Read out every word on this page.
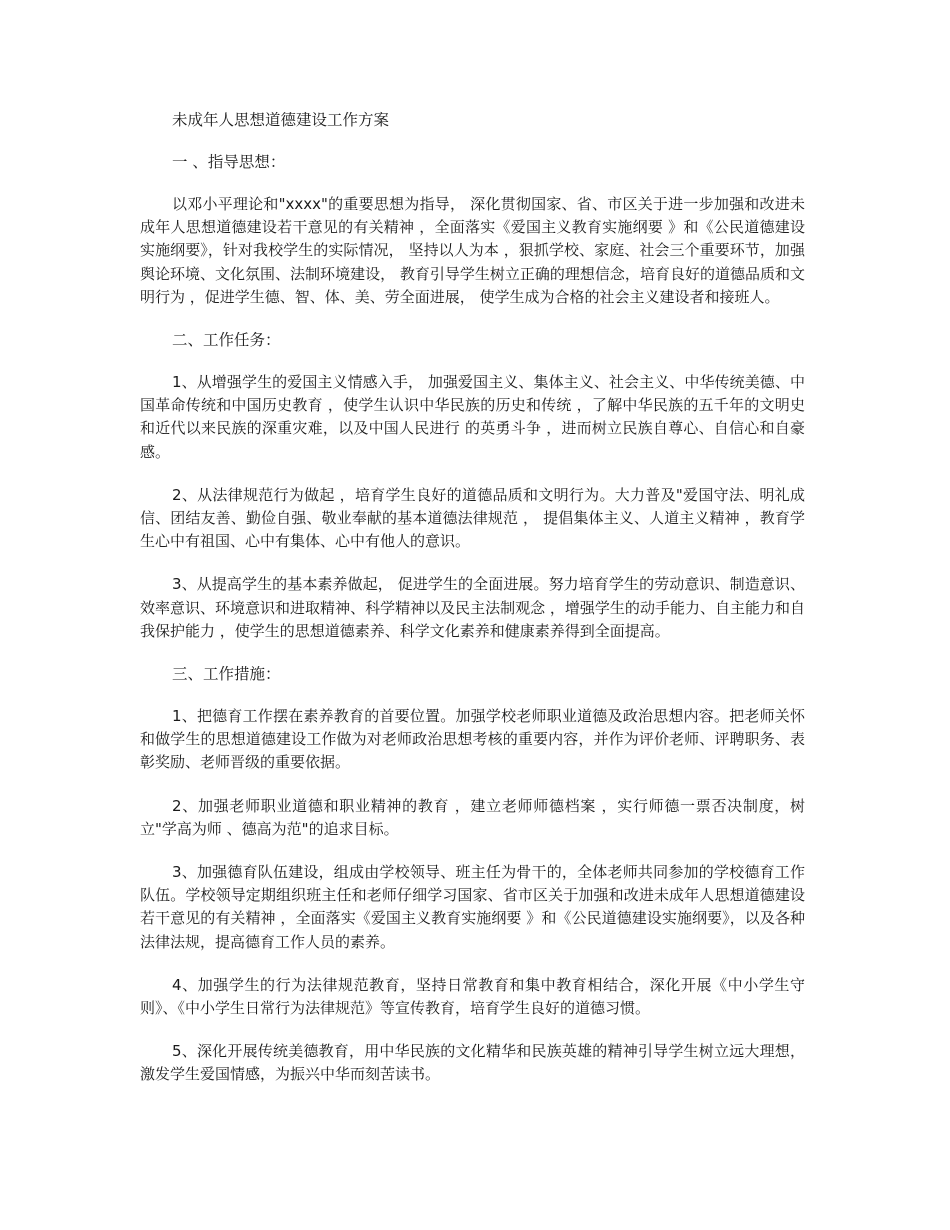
未成年人思想道德建设工作方案
一 、指导思想：

以邓小平理论和"xxxx"的重要思想为指导， 深化贯彻国家、省、市区关于进一步加强和改进未成年人思想道德建设若干意见的有关精神 ，全面落实《爱国主义教育实施纲要 》和《公民道德建设实施纲要》，针对我校学生的实际情况， 坚持以人为本 ，狠抓学校、家庭、社会三个重要环节，加强舆论环境、文化氛围、法制环境建设， 教育引导学生树立正确的理想信念，培育良好的道德品质和文明行为 ，促进学生德、智、体、美、劳全面进展， 使学生成为合格的社会主义建设者和接班人。

二、工作任务：

1、从增强学生的爱国主义情感入手， 加强爱国主义、集体主义、社会主义、中华传统美德、中国革命传统和中国历史教育 ，使学生认识中华民族的历史和传统 ，了解中华民族的五千年的文明史和近代以来民族的深重灾难，以及中国人民进行 的英勇斗争 ，进而树立民族自尊心、自信心和自豪感。

2、从法律规范行为做起 ，培育学生良好的道德品质和文明行为。大力普及"爱国守法、明礼成信、团结友善、勤俭自强、敬业奉献的基本道德法律规范 ， 提倡集体主义、人道主义精神 ，教育学生心中有祖国、心中有集体、心中有他人的意识。

3、从提高学生的基本素养做起， 促进学生的全面进展。努力培育学生的劳动意识、制造意识、效率意识、环境意识和进取精神、科学精神以及民主法制观念 ，增强学生的动手能力、自主能力和自我保护能力 ，使学生的思想道德素养、科学文化素养和健康素养得到全面提高。

三、工作措施：

1、把德育工作摆在素养教育的首要位置。加强学校老师职业道德及政治思想内容。把老师关怀和做学生的思想道德建设工作做为对老师政治思想考核的重要内容，并作为评价老师、评聘职务、表彰奖励、老师晋级的重要依据。

2、加强老师职业道德和职业精神的教育 ，建立老师师德档案 ，实行师德一票否决制度，树立"学高为师 、德高为范"的追求目标。

3、加强德育队伍建设，组成由学校领导、班主任为骨干的，全体老师共同参加的学校德育工作队伍。学校领导定期组织班主任和老师仔细学习国家、省市区关于加强和改进未成年人思想道德建设若干意见的有关精神 ，全面落实《爱国主义教育实施纲要 》和《公民道德建设实施纲要》，以及各种法律法规，提高德育工作人员的素养。

4、加强学生的行为法律规范教育，坚持日常教育和集中教育相结合，深化开展《中小学生守则》、《中小学生日常行为法律规范》等宣传教育，培育学生良好的道德习惯。

5、深化开展传统美德教育，用中华民族的文化精华和民族英雄的精神引导学生树立远大理想，激发学生爱国情感，为振兴中华而刻苦读书。
